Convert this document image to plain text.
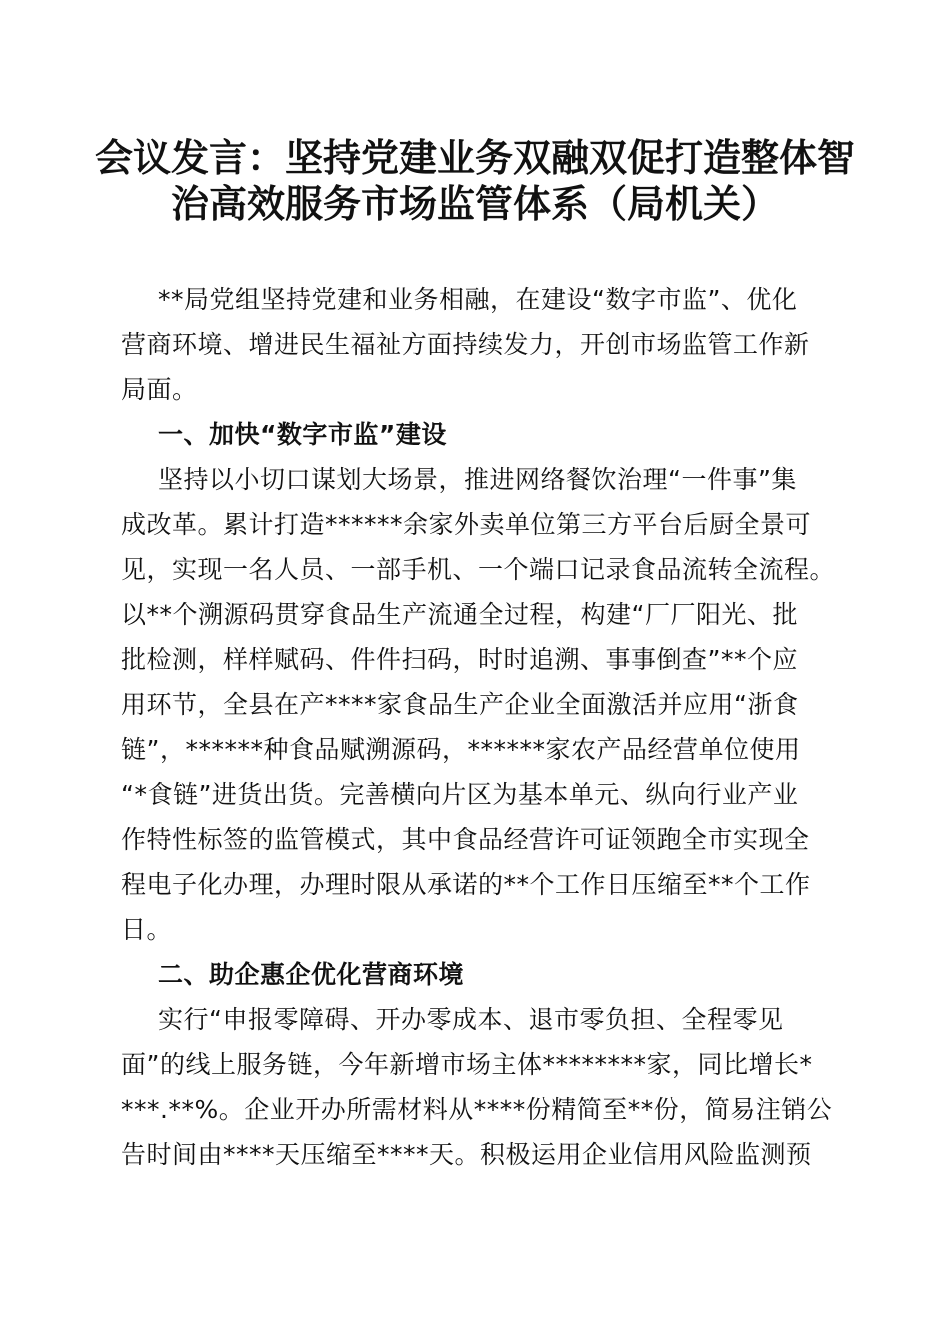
会议发言：坚持党建业务双融双促打造整体智
治高效服务市场监管体系（局机关）
**局党组坚持党建和业务相融，在建设“数字市监”、优化
营商环境、增进民生福祉方面持续发力，开创市场监管工作新
局面。
一、加快“数字市监”建设
坚持以小切口谋划大场景，推进网络餐饮治理“一件事”集
成改革。累计打造******余家外卖单位第三方平台后厨全景可
见，实现一名人员、一部手机、一个端口记录食品流转全流程。
以**个溯源码贯穿食品生产流通全过程，构建“厂厂阳光、批
批检测，样样赋码、件件扫码，时时追溯、事事倒查”**个应
用环节，全县在产****家食品生产企业全面激活并应用“浙食
链”，******种食品赋溯源码，******家农产品经营单位使用
“*食链”进货出货。完善横向片区为基本单元、纵向行业产业
作特性标签的监管模式，其中食品经营许可证领跑全市实现全
程电子化办理，办理时限从承诺的**个工作日压缩至**个工作
日。
二、助企惠企优化营商环境
实行“申报零障碍、开办零成本、退市零负担、全程零见
面”的线上服务链，今年新增市场主体********家，同比增长*
***.**%。企业开办所需材料从****份精简至**份，简易注销公
告时间由****天压缩至****天。积极运用企业信用风险监测预
